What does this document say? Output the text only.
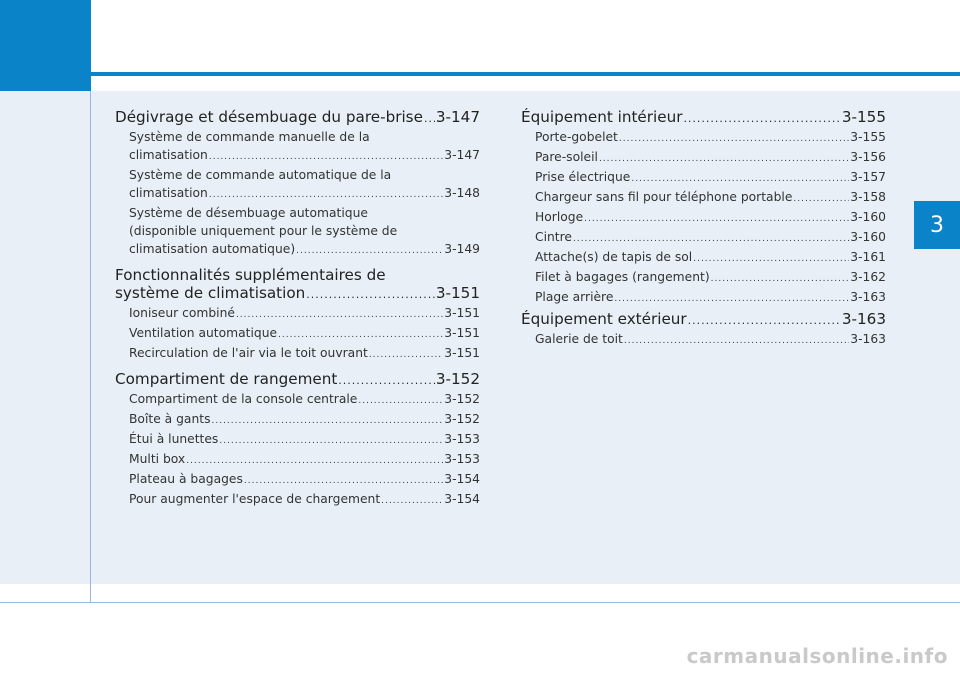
3
Dégivrage et désembuage du pare-brise ..... 3-147
Système de commande manuelle de la
climatisation .....	3-147
Système de commande automatique de la
climatisation .....	3-148
Système de désembuage automatique
(disponible uniquement pour le système de
climatisation automatique) .....	3-149
Fonctionnalités supplémentaires de
système de climatisation .....	3-151
Ioniseur combiné .....	3-151
Ventilation automatique .....	3-151
Recirculation de l'air via le toit ouvrant .....	3-151
Compartiment de rangement .....	3-152
Compartiment de la console centrale .....	3-152
Boîte à gants .....	3-152
Étui à lunettes .....	3-153
Multi box .....	3-153
Plateau à bagages .....	3-154
Pour augmenter l'espace de chargement .....	3-154
Équipement intérieur .....	3-155
Porte-gobelet .....	3-155
Pare-soleil .....	3-156
Prise électrique .....	3-157
Chargeur sans fil pour téléphone portable .....	3-158
Horloge .....	3-160
Cintre .....	3-160
Attache(s) de tapis de sol .....	3-161
Filet à bagages (rangement) .....	3-162
Plage arrière .....	3-163
Équipement extérieur .....	3-163
Galerie de toit .....	3-163
carmanualsonline.info
